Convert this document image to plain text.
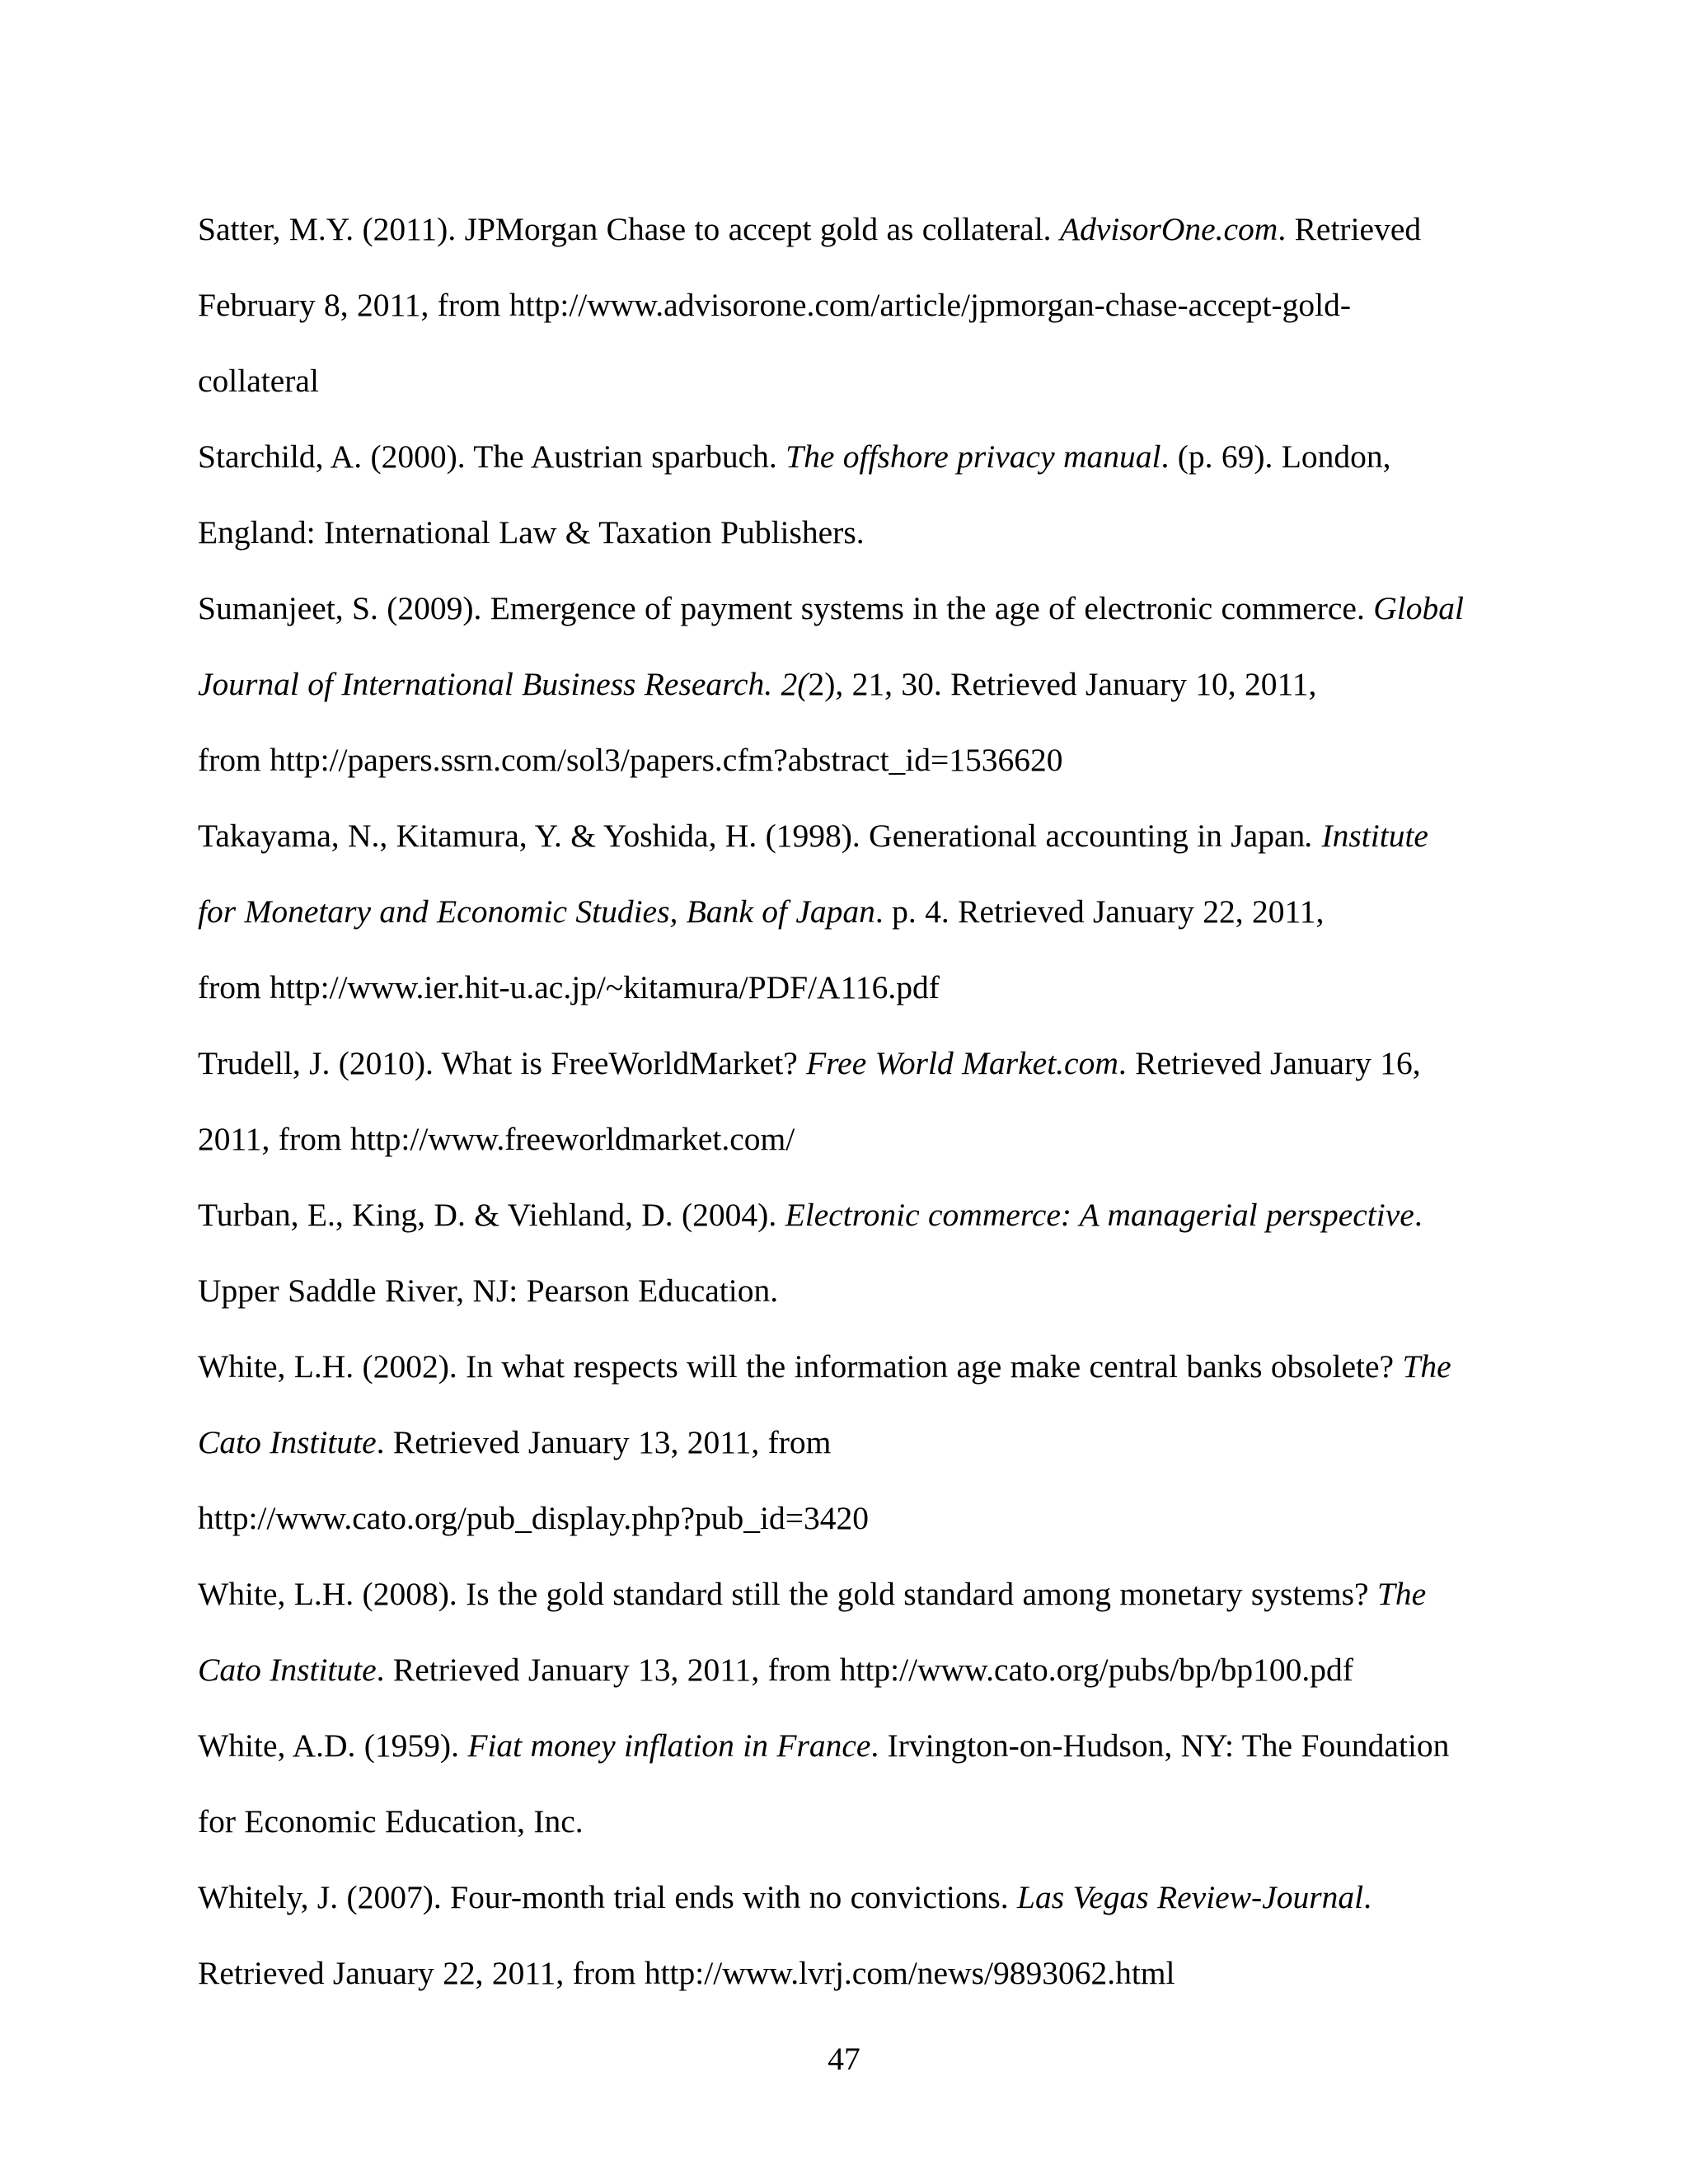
Satter, M.Y. (2011). JPMorgan Chase to accept gold as collateral. AdvisorOne.com. Retrieved
February 8, 2011, from http://www.advisorone.com/article/jpmorgan-chase-accept-gold-
collateral

Starchild, A. (2000). The Austrian sparbuch. The offshore privacy manual. (p. 69). London,
England: International Law & Taxation Publishers.

Sumanjeet, S. (2009). Emergence of payment systems in the age of electronic commerce. Global
Journal of International Business Research. 2(2), 21, 30. Retrieved January 10, 2011,
from http://papers.ssrn.com/sol3/papers.cfm?abstract_id=1536620

Takayama, N., Kitamura, Y. & Yoshida, H. (1998). Generational accounting in Japan. Institute
for Monetary and Economic Studies, Bank of Japan. p. 4. Retrieved January 22, 2011,
from http://www.ier.hit-u.ac.jp/~kitamura/PDF/A116.pdf

Trudell, J. (2010). What is FreeWorldMarket? Free World Market.com. Retrieved January 16,
2011, from http://www.freeworldmarket.com/

Turban, E., King, D. & Viehland, D. (2004). Electronic commerce: A managerial perspective.
Upper Saddle River, NJ: Pearson Education.

White, L.H. (2002). In what respects will the information age make central banks obsolete? The
Cato Institute. Retrieved January 13, 2011, from
http://www.cato.org/pub_display.php?pub_id=3420

White, L.H. (2008). Is the gold standard still the gold standard among monetary systems? The
Cato Institute. Retrieved January 13, 2011, from http://www.cato.org/pubs/bp/bp100.pdf

White, A.D. (1959). Fiat money inflation in France. Irvington-on-Hudson, NY: The Foundation
for Economic Education, Inc.

Whitely, J. (2007). Four-month trial ends with no convictions. Las Vegas Review-Journal.
Retrieved January 22, 2011, from http://www.lvrj.com/news/9893062.html

47
